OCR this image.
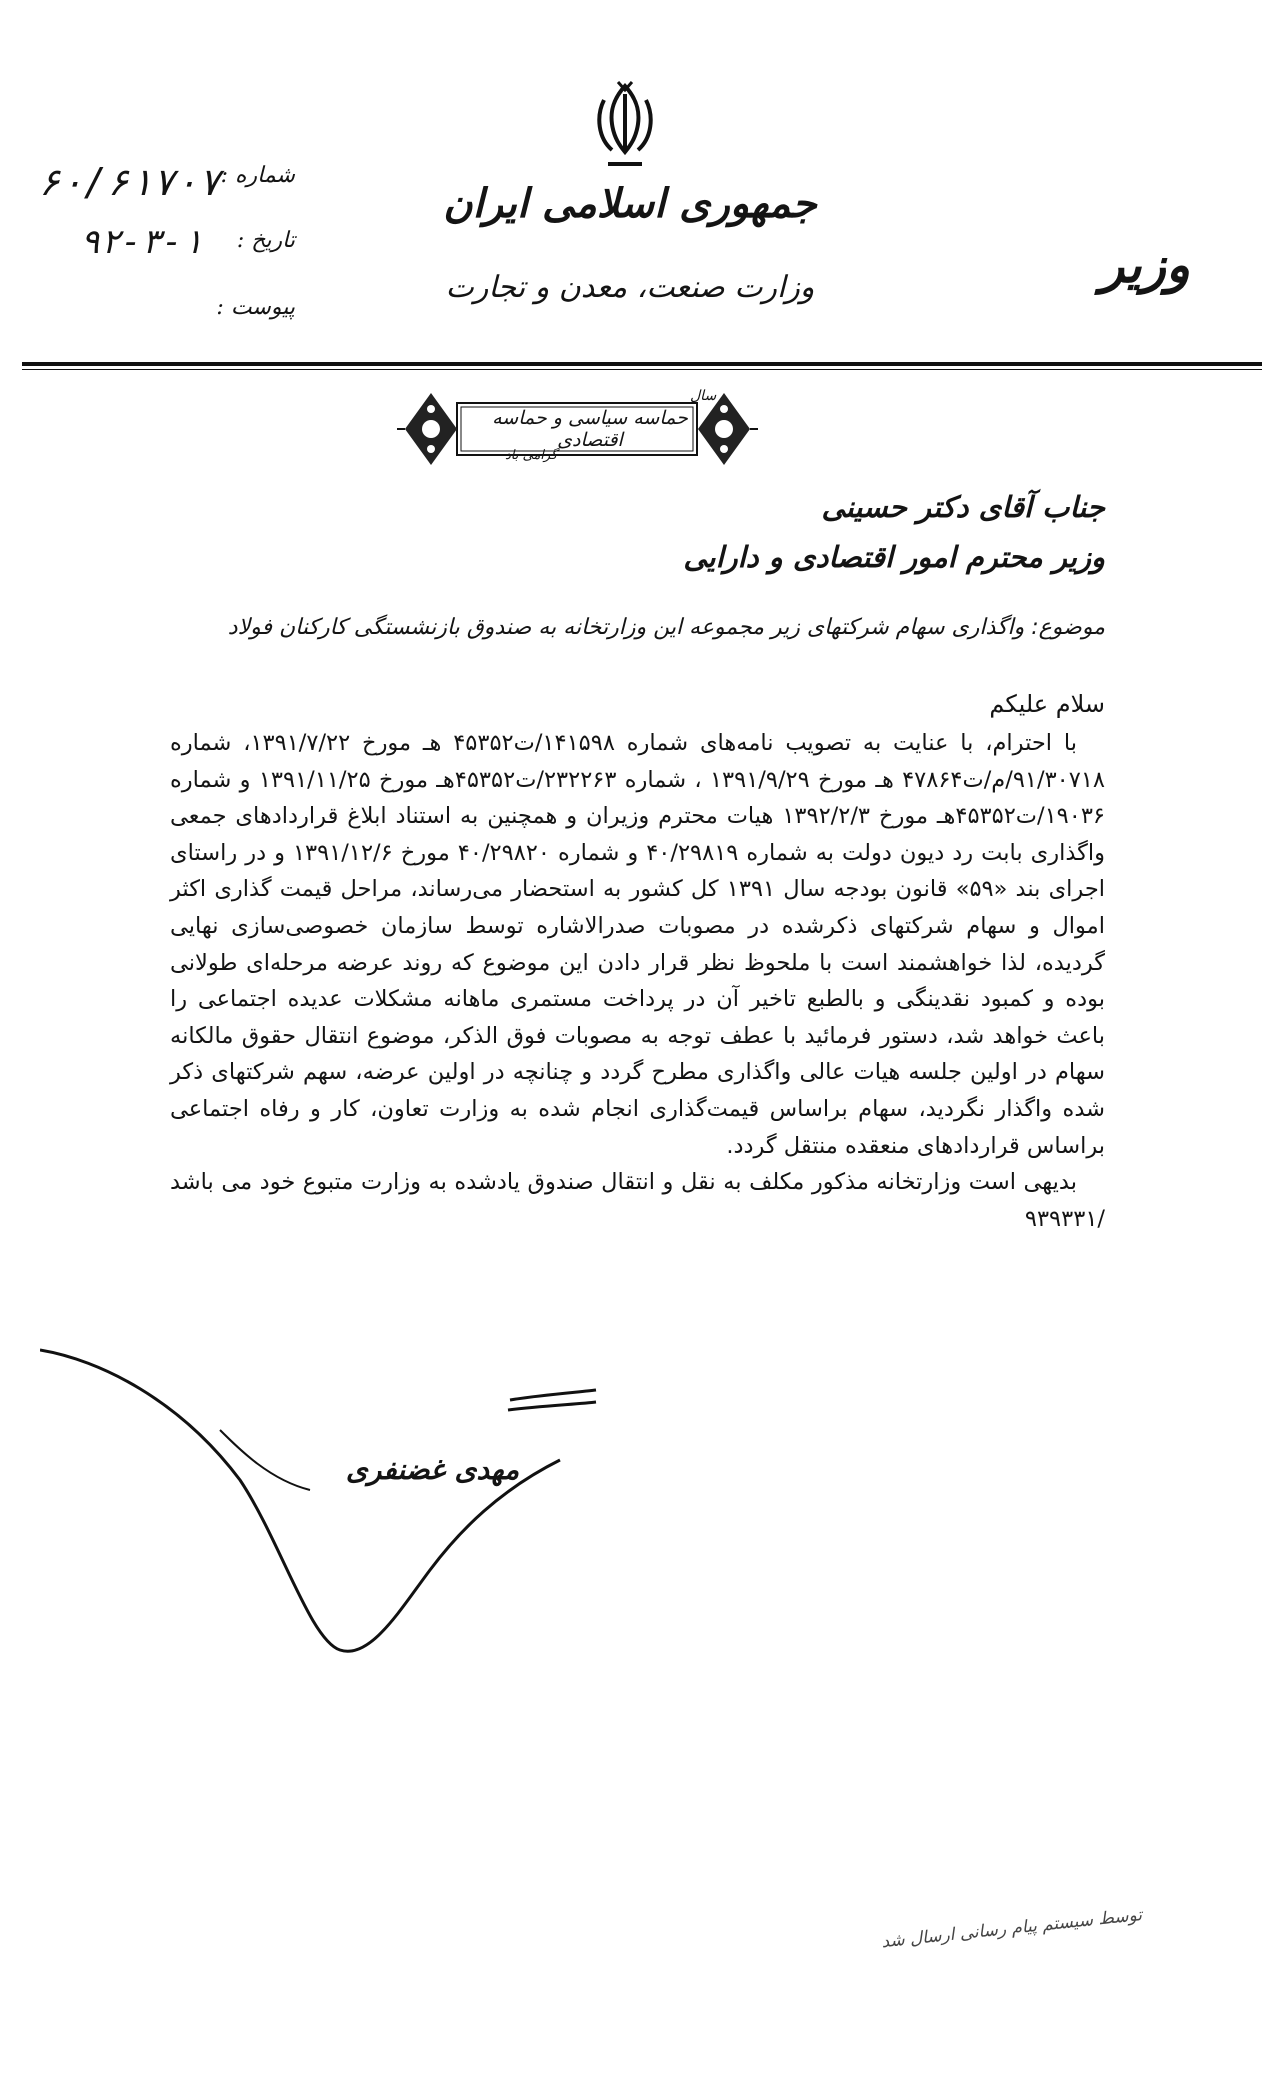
جمهوری اسلامی ایران
وزارت صنعت، معدن و تجارت	وزیر
شماره :
تاریخ :
پیوست :
۶۰/۶۱۷۰۷
۹۲-۳-۱
سال
حماسه سیاسی و حماسه اقتصادی
گرامی باد
جناب آقای دکتر حسینی
وزیر محترم امور اقتصادی و دارایی
موضوع: واگذاری سهام شرکتهای زیر مجموعه این وزارتخانه به صندوق بازنشستگی کارکنان فولاد
سلام علیکم

با احترام، با عنایت به تصویب نامه‌های شماره ۱۴۱۵۹۸/ت۴۵۳۵۲ هـ مورخ ۱۳۹۱/۷/۲۲، شماره ۹۱/۳۰۷۱۸/م/ت۴۷۸۶۴ هـ مورخ ۱۳۹۱/۹/۲۹ ، شماره ۲۳۲۲۶۳/ت۴۵۳۵۲هـ مورخ ۱۳۹۱/۱۱/۲۵ و شماره ۱۹۰۳۶/ت۴۵۳۵۲هـ مورخ ۱۳۹۲/۲/۳ هیات محترم وزیران و همچنین به استناد ابلاغ قراردادهای جمعی واگذاری بابت رد دیون دولت به شماره ۴۰/۲۹۸۱۹ و شماره ۴۰/۲۹۸۲۰ مورخ ۱۳۹۱/۱۲/۶ و در راستای اجرای بند «۵۹» قانون بودجه سال ۱۳۹۱ کل کشور به استحضار می‌رساند، مراحل قیمت گذاری اکثر اموال و سهام شرکتهای ذکرشده در مصوبات صدرالاشاره توسط سازمان خصوصی‌سازی نهایی گردیده، لذا خواهشمند است با ملحوظ نظر قرار دادن این موضوع که روند عرضه مرحله‌ای طولانی بوده و کمبود نقدینگی و بالطبع تاخیر آن در پرداخت مستمری ماهانه مشکلات عدیده اجتماعی را باعث خواهد شد، دستور فرمائید با عطف توجه به مصوبات فوق الذکر، موضوع انتقال حقوق مالکانه سهام در اولین جلسه هیات عالی واگذاری مطرح گردد و چنانچه در اولین عرضه، سهم شرکتهای ذکر شده واگذار نگردید، سهام براساس قیمت‌گذاری انجام شده به وزارت تعاون، کار و رفاه اجتماعی براساس قراردادهای منعقده منتقل گردد.

بدیهی است وزارتخانه مذکور مکلف به نقل و انتقال صندوق یادشده به وزارت متبوع خود می باشد /۹۳۹۳۳۱

مهدی غضنفری
توسط سیستم پیام رسانی ارسال شد
